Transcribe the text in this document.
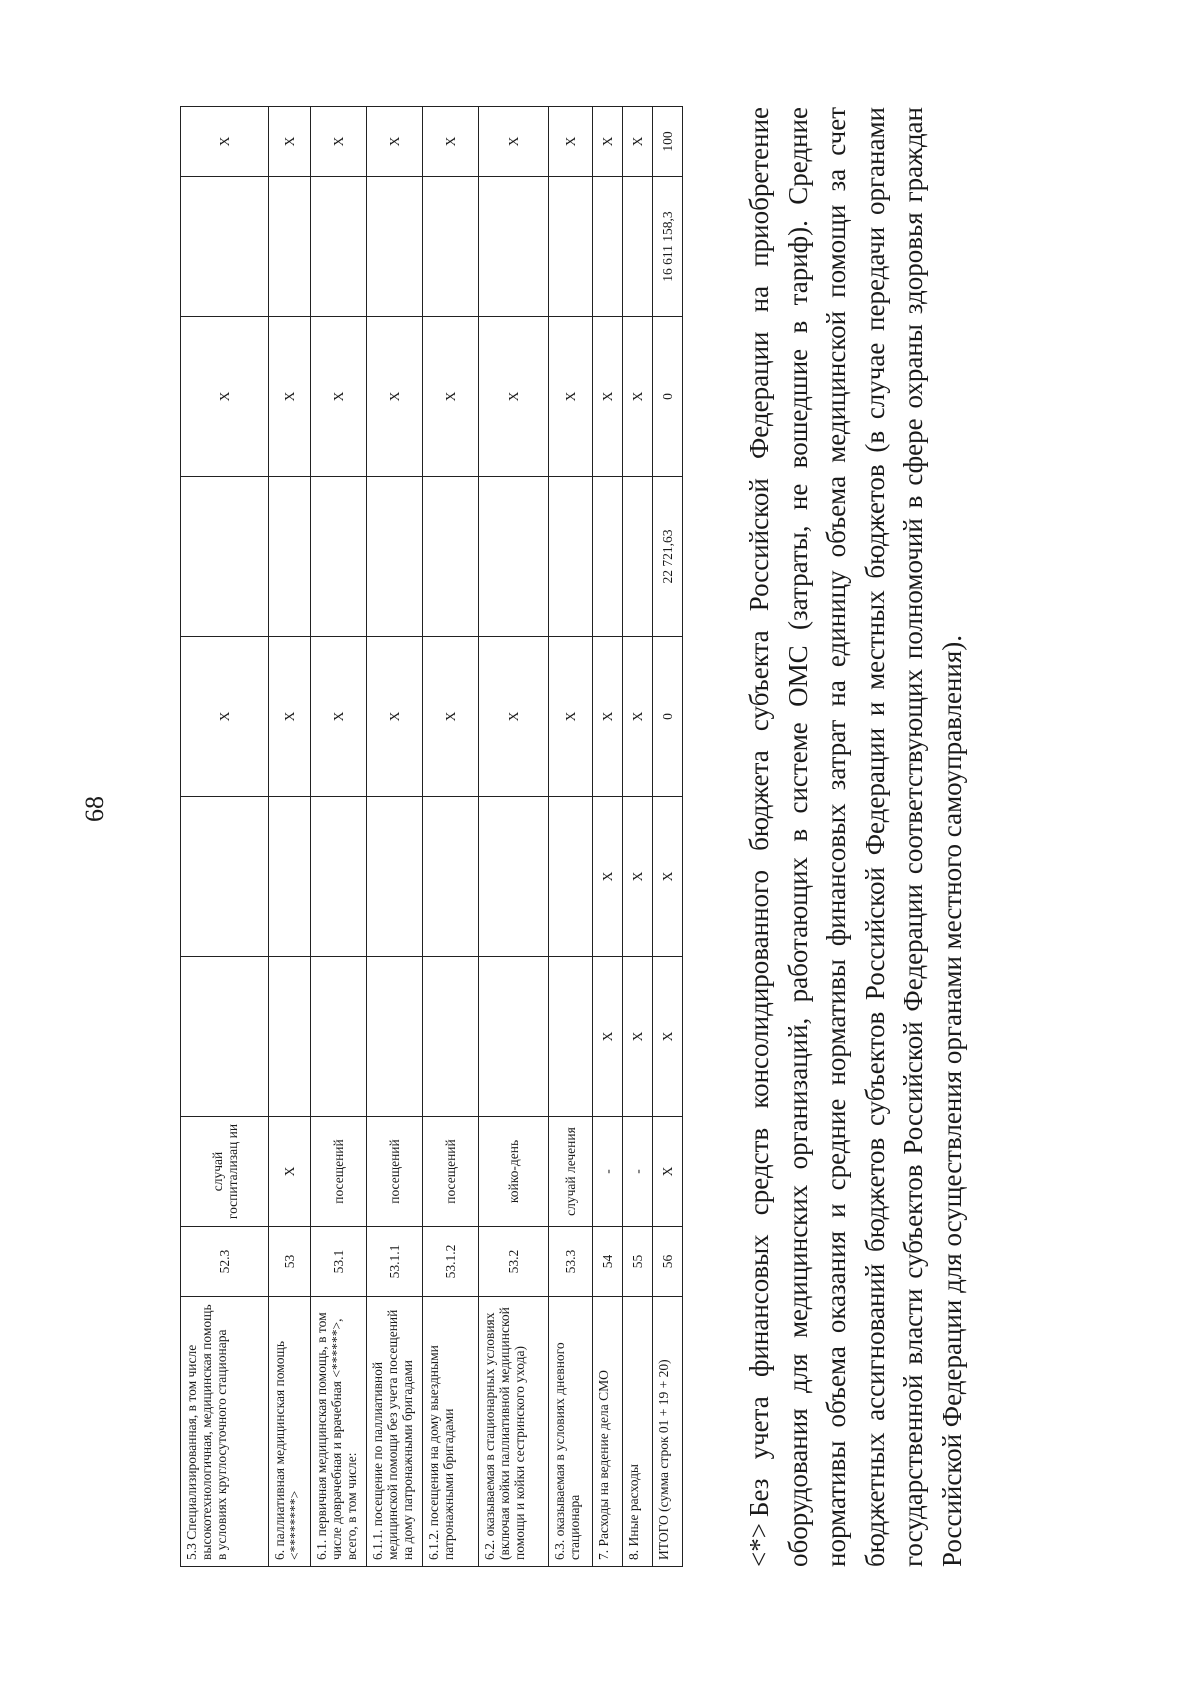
68
5.3 Специализированная, в том числе высокотехнологичная, медицинская помощь в условиях круглосуточного стационара	52.3	случай госпитализац ии			X		X		X
6. паллиативная медицинская помощь <********>	53	X			X		X		X
6.1. первичная медицинская помощь, в том числе доврачебная и врачебная <******>, всего, в том числе:	53.1	посещений			X		X		X
6.1.1. посещение по паллиативной медицинской помощи без учета посещений на дому патронажными бригадами	53.1.1	посещений			X		X		X
6.1.2. посещения на дому выездными патронажными бригадами	53.1.2	посещений			X		X		X
6.2. оказываемая в стационарных условиях (включая койки паллиативной медицинской помощи и койки сестринского ухода)	53.2	койко-день			X		X		X
6.3. оказываемая в условиях дневного стационара	53.3	случай лечения			X		X		X
7. Расходы на ведение дела СМО	54	-	X	X	X		X		X
8. Иные расходы	55	-	X	X	X		X		X
ИТОГО (сумма строк 01 + 19 + 20)	56	X	X	X	0	22 721,63	0	16 611 158,3	100

<*>Без учета финансовых средств консолидированного бюджета субъекта Российской Федерации на приобретение оборудования для медицинских организаций, работающих в системе ОМС (затраты, не вошедшие в тариф). Средние нормативы объема оказания и средние нормативы финансовых затрат на единицу объема медицинской помощи за счет бюджетных ассигнований бюджетов субъектов Российской Федерации и местных бюджетов (в случае передачи органами государственной власти субъектов Российской Федерации соответствующих полномочий в сфере охраны здоровья граждан Российской Федерации для осуществления органами местного самоуправления).
